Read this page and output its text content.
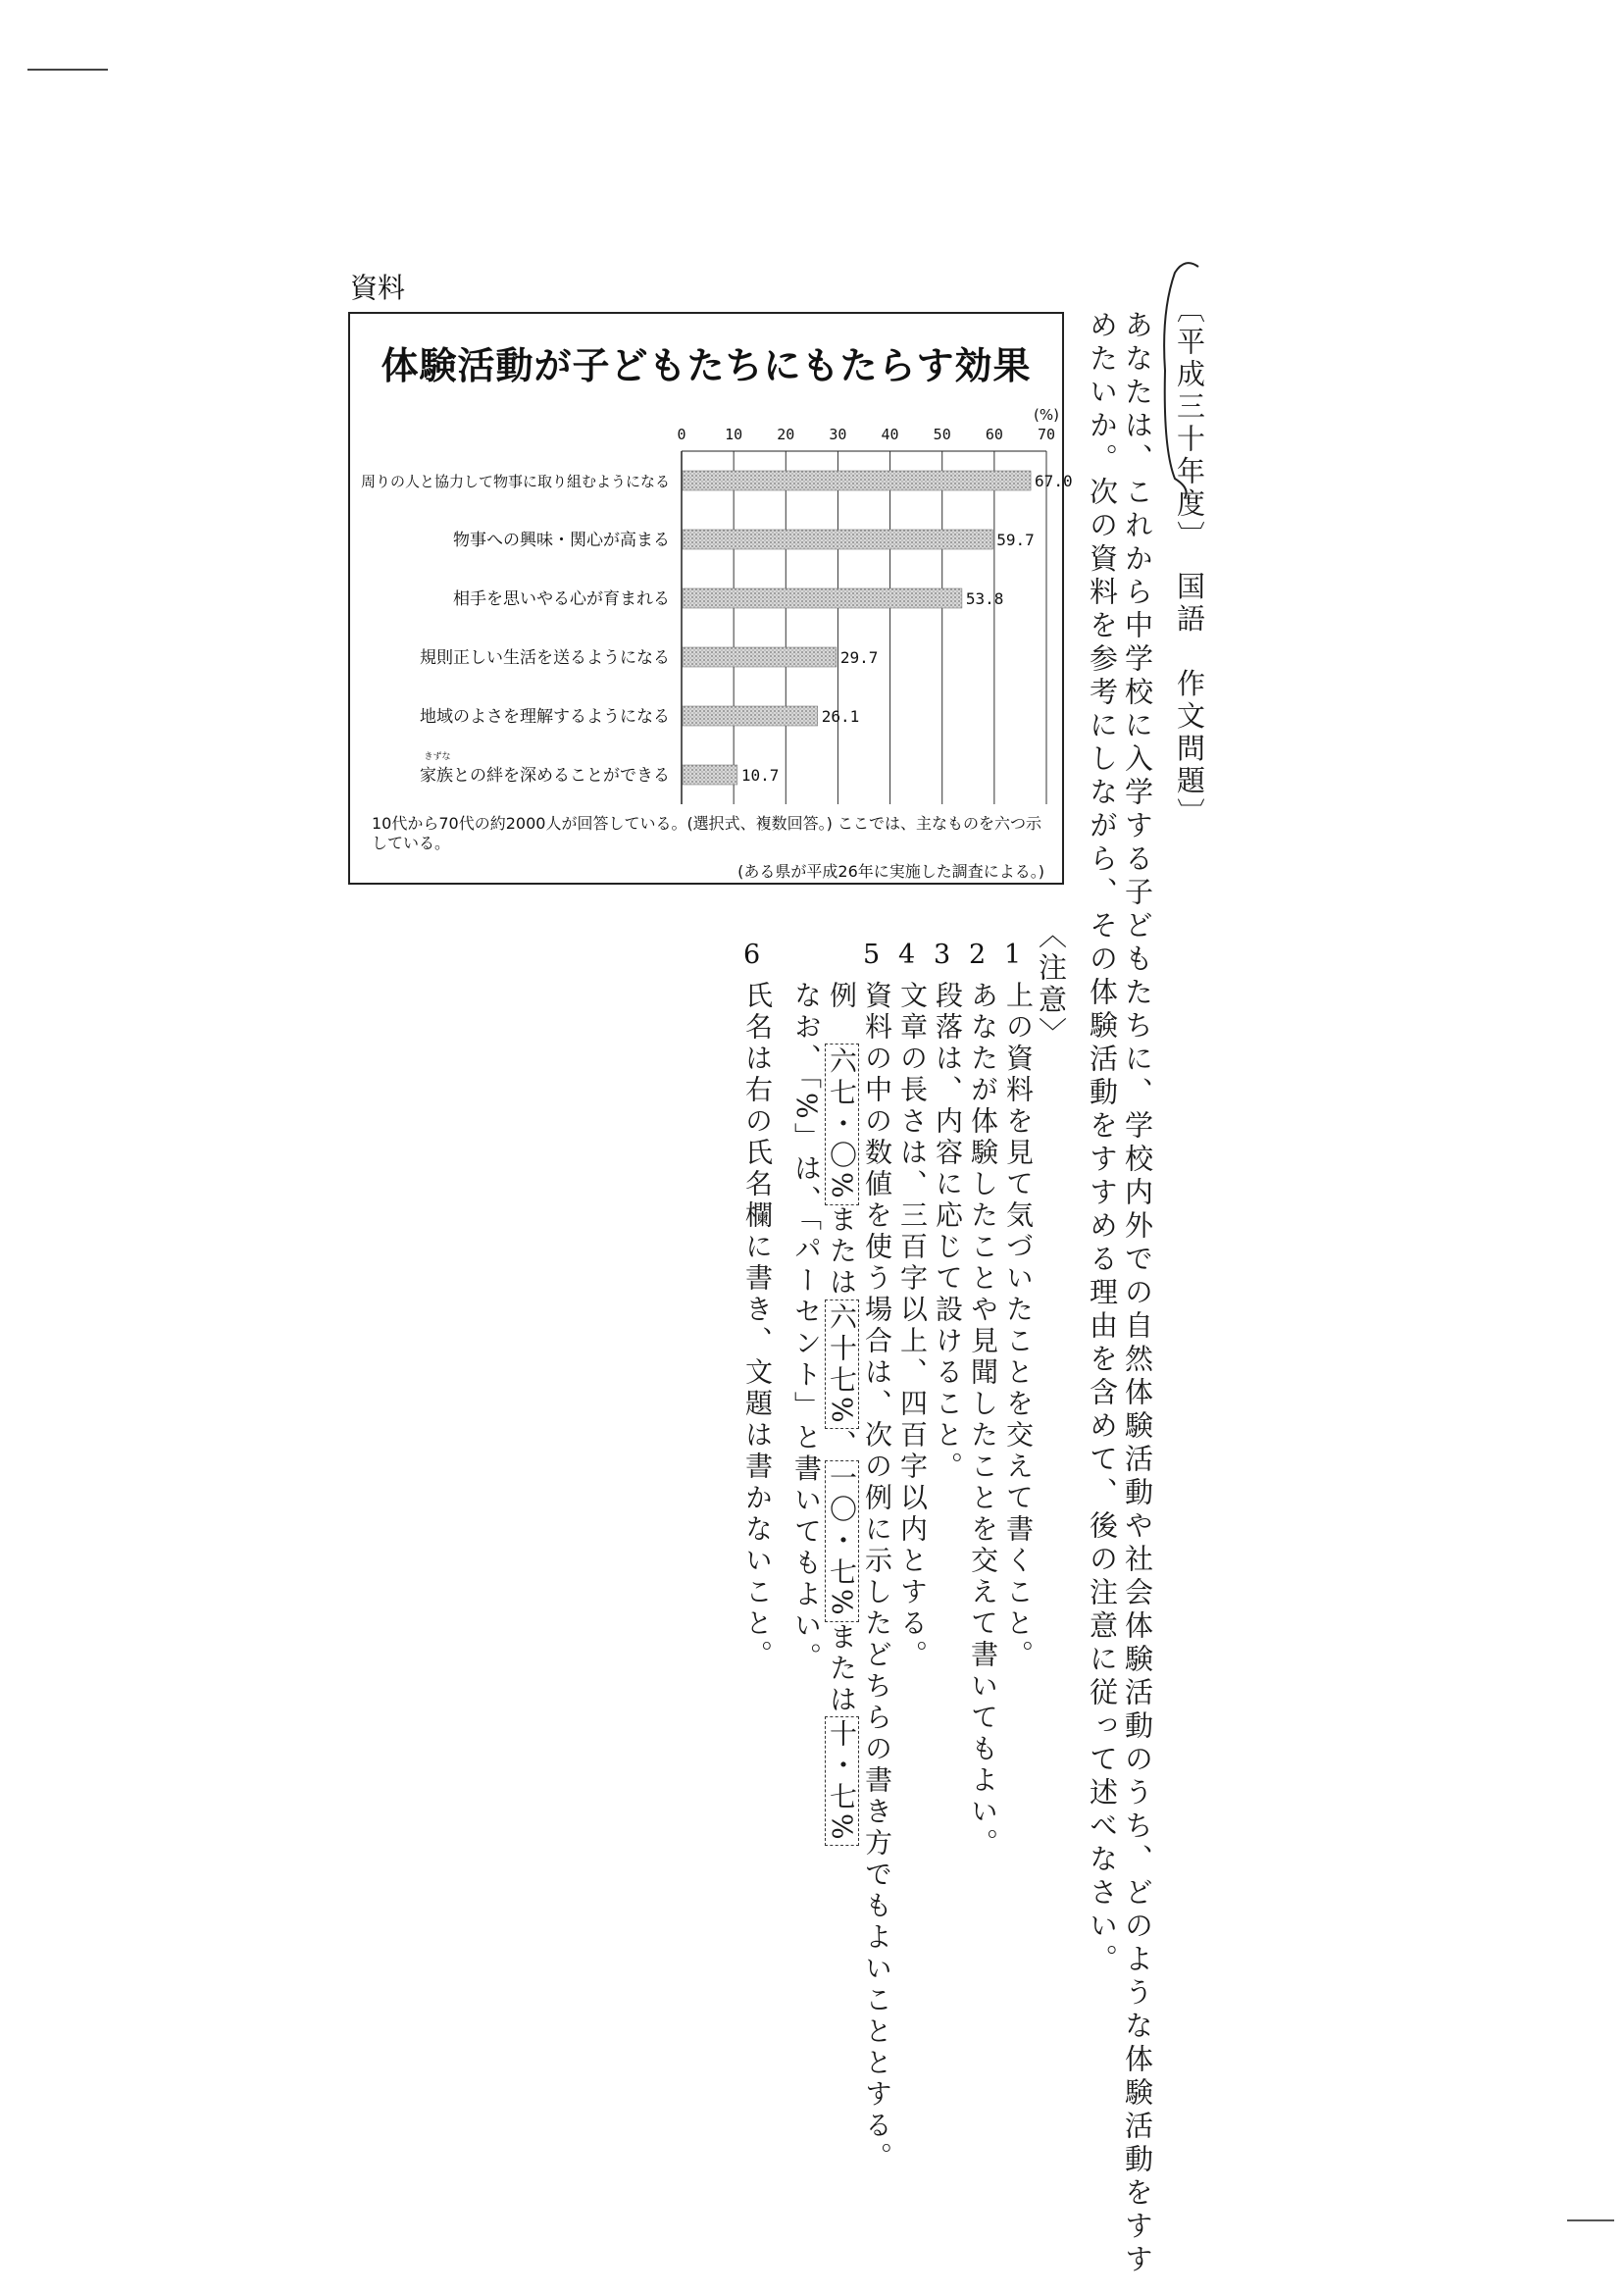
〔平成三十年度〕　国語　作文問題〕
あなたは、これから中学校に入学する子どもたちに、学校内外での自然体験活動や社会体験活動のうち、どのような体験活動をすす
めたいか。次の資料を参考にしながら、その体験活動をすすめる理由を含めて、後の注意に従って述べなさい。
資料
体験活動が子どもたちにもたらす効果
0	10 20 30 40 50 60 70
(%)
周りの人と協力して物事に取り組むようになる	67.0
物事への興味・関心が高まる	59.7
相手を思いやる心が育まれる	53.8
規則正しい生活を送るようになる	29.7
地域のよさを理解するようになる	26.1
家族との絆を深めることができる	10.7
きずな
10代から70代の約2000人が回答している。(選択式、複数回答。) ここでは、主なものを六つ示している。
(ある県が平成26年に実施した調査による。)
〈注意〉
1
上の資料を見て気づいたことを交えて書くこと。
2
あなたが体験したことや見聞したことを交えて書いてもよい。
3
段落は、内容に応じて設けること。
4
文章の長さは、三百字以上、四百字以内とする。
5
資料の中の数値を使う場合は、次の例に示したどちらの書き方でもよいこととする。
例　六七・〇%または六十七%、一〇・七%または十・七%
なお、「%」は、「パーセント」と書いてもよい。
6
氏名は右の氏名欄に書き、文題は書かないこと。
